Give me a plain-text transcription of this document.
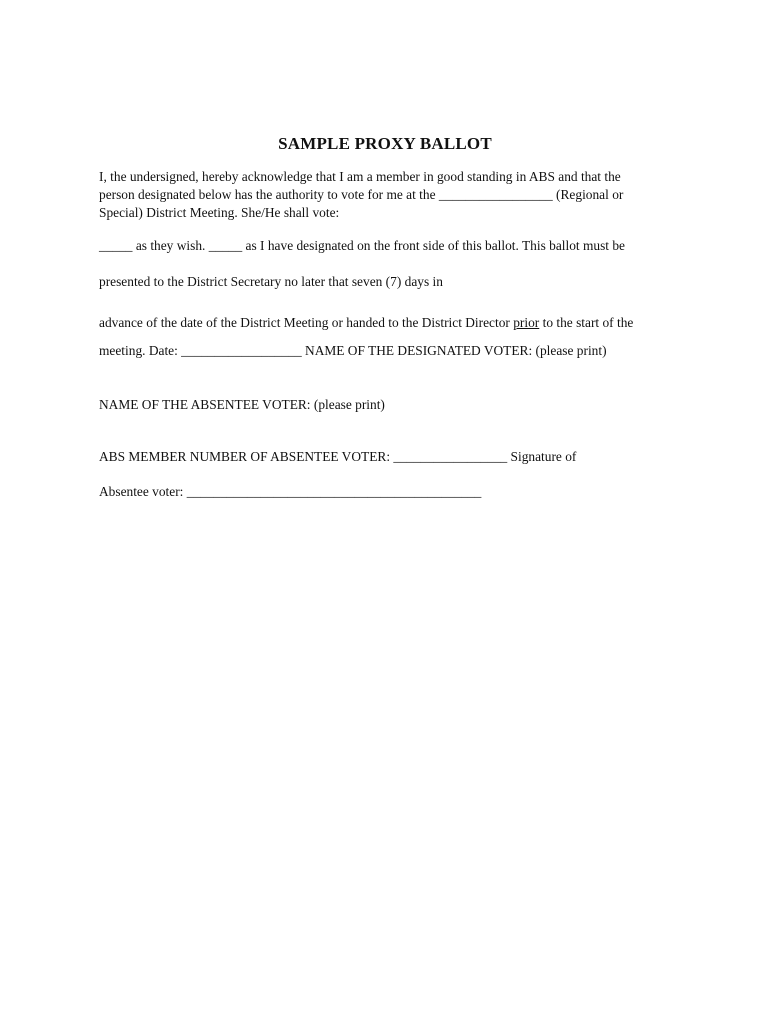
SAMPLE PROXY BALLOT
I, the undersigned, hereby acknowledge that I am a member in good standing in ABS and that the
person designated below has the authority to vote for me at the _________________ (Regional or
Special) District Meeting. She/He shall vote:
_____ as they wish. _____ as I have designated on the front side of this ballot. This ballot must be
presented to the District Secretary no later that seven (7) days in
advance of the date of the District Meeting or handed to the District Director prior to the start of the
meeting. Date: __________________ NAME OF THE DESIGNATED VOTER: (please print)
NAME OF THE ABSENTEE VOTER: (please print)
ABS MEMBER NUMBER OF ABSENTEE VOTER: _________________ Signature of
Absentee voter: ____________________________________________
